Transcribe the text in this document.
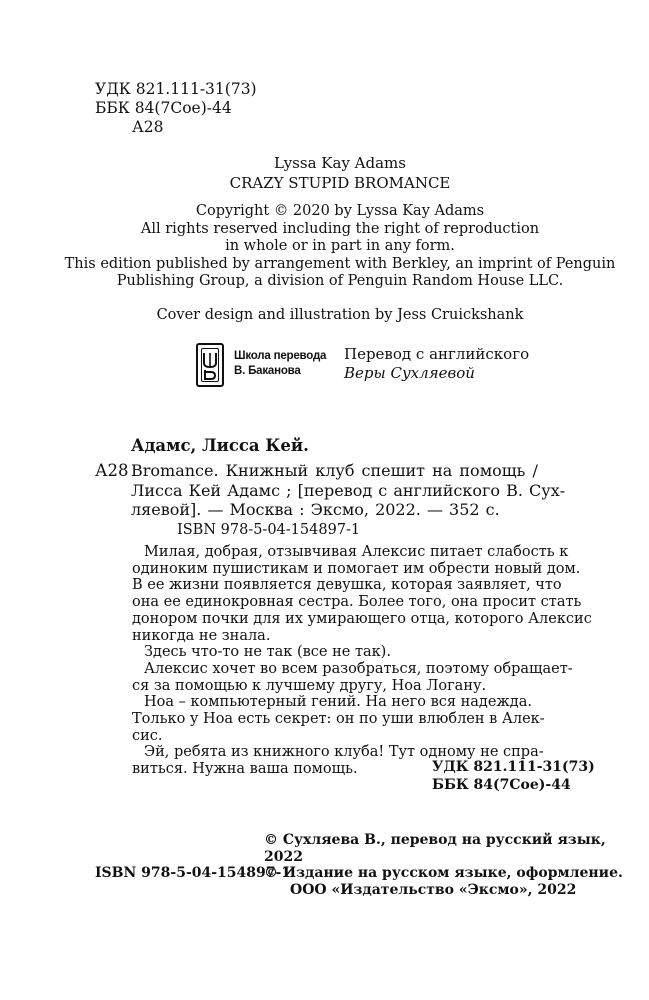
УДК 821.111-31(73)
ББК 84(7Сое)-44
А28
Lyssa Kay Adams
CRAZY STUPID BROMANCE
Copyright © 2020 by Lyssa Kay Adams
All rights reserved including the right of reproduction
in whole or in part in any form.
This edition published by arrangement with Berkley, an imprint of Penguin
Publishing Group, a division of Penguin Random House LLC.
Cover design and illustration by Jess Cruickshank
Школа перевода
В. Баканова
Перевод с английского
Веры Сухляевой
Адамс, Лисса Кей.
А28 Bromance. Книжный клуб спешит на помощь /
Лисса Кей Адамс ; [перевод с английского В. Сух-
ляевой]. — Москва : Эксмо, 2022. — 352 с.
ISBN 978-5-04-154897-1
Милая, добрая, отзывчивая Алексис питает слабость к
одиноким пушистикам и помогает им обрести новый дом.
В ее жизни появляется девушка, которая заявляет, что
она ее единокровная сестра. Более того, она просит стать
донором почки для их умирающего отца, которого Алексис
никогда не знала.
Здесь что-то не так (все не так).
Алексис хочет во всем разобраться, поэтому обращает-
ся за помощью к лучшему другу, Ноа Логану.
Ноа – компьютерный гений. На него вся надежда.
Только у Ноа есть секрет: он по уши влюблен в Алек-
сис.
Эй, ребята из книжного клуба! Тут одному не спра-
виться. Нужна ваша помощь.	УДК 821.111-31(73)
ББК 84(7Сое)-44
© Сухляева В., перевод на русский язык, 2022
© Издание на русском языке, оформление.
ООО «Издательство «Эксмо», 2022
ISBN 978-5-04-154897-1
